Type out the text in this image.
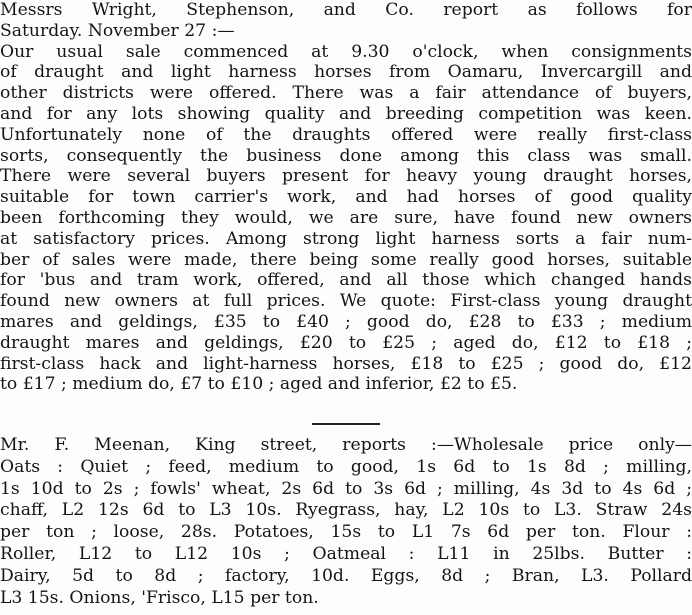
Messrs Wright, Stephenson, and Co. report as follows for
Saturday. November 27 :—
Our usual sale commenced at 9.30 o'clock, when consignments
of draught and light harness horses from Oamaru, Invercargill and
other districts were offered. There was a fair attendance of buyers,
and for any lots showing quality and breeding competition was keen.
Unfortunately none of the draughts offered were really first-class
sorts, consequently the business done among this class was small.
There were several buyers present for heavy young draught horses,
suitable for town carrier's work, and had horses of good quality
been forthcoming they would, we are sure, have found new owners
at satisfactory prices. Among strong light harness sorts a fair num-
ber of sales were made, there being some really good horses, suitable
for 'bus and tram work, offered, and all those which changed hands
found new owners at full prices. We quote: First-class young draught
mares and geldings, £35 to £40 ; good do, £28 to £33 ; medium
draught mares and geldings, £20 to £25 ; aged do, £12 to £18 ;
first-class hack and light-harness horses, £18 to £25 ; good do, £12
to £17 ; medium do, £7 to £10 ; aged and inferior, £2 to £5.
Mr. F. Meenan, King street, reports :—Wholesale price only—
Oats : Quiet ; feed, medium to good, 1s 6d to 1s 8d ; milling,
1s 10d to 2s ; fowls' wheat, 2s 6d to 3s 6d ; milling, 4s 3d to 4s 6d ;
chaff, L2 12s 6d to L3 10s. Ryegrass, hay, L2 10s to L3. Straw 24s
per ton ; loose, 28s. Potatoes, 15s to L1 7s 6d per ton. Flour :
Roller, L12 to L12 10s ; Oatmeal : L11 in 25lbs. Butter :
Dairy, 5d to 8d ; factory, 10d. Eggs, 8d ; Bran, L3. Pollard
L3 15s. Onions, 'Frisco, L15 per ton.
